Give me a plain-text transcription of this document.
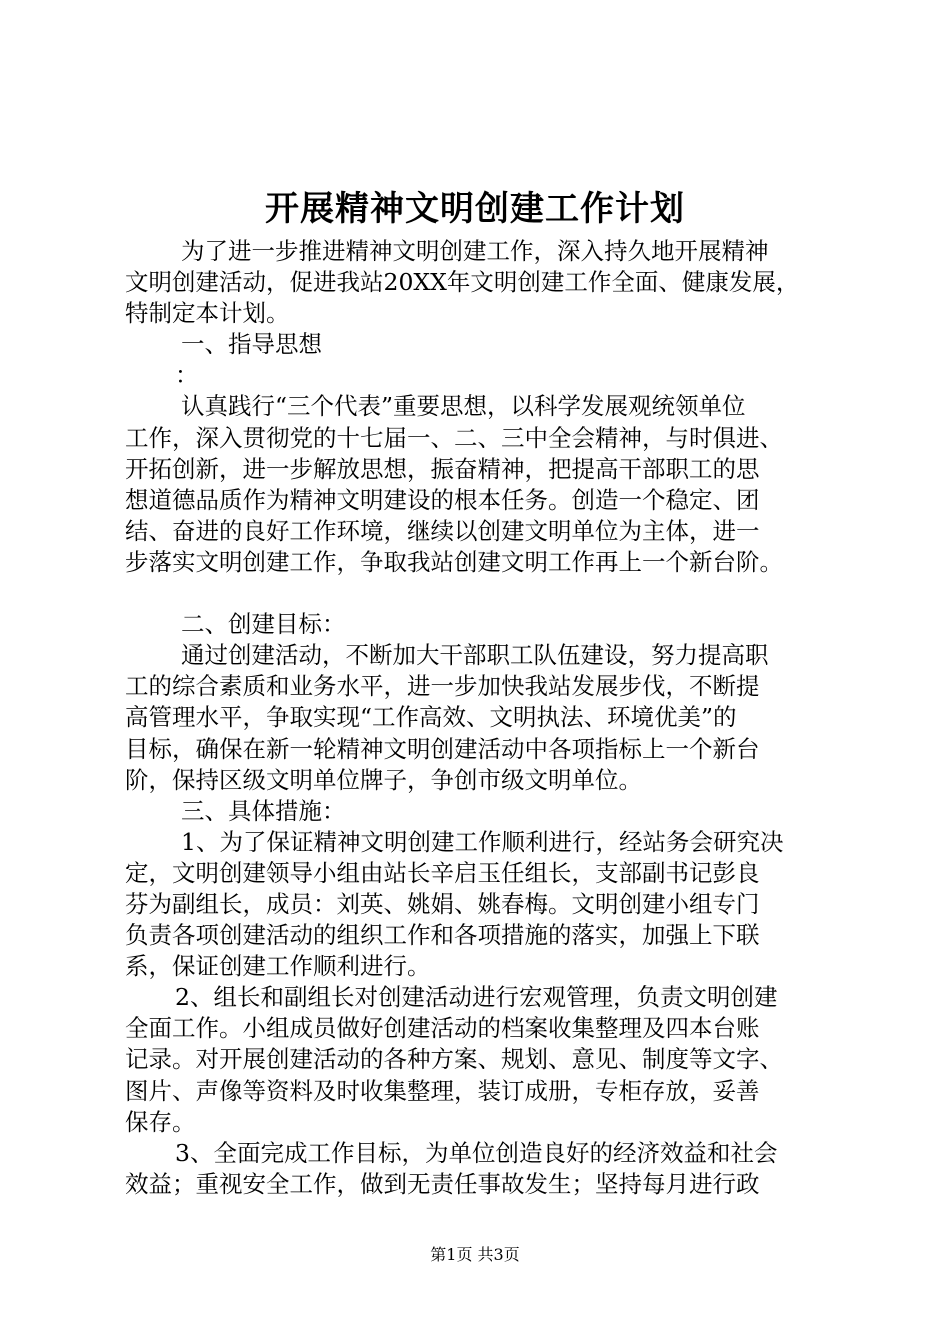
开展精神文明创建工作计划
为了进一步推进精神文明创建工作，深入持久地开展精神
文明创建活动，促进我站20XX年文明创建工作全面、健康发展，
特制定本计划。
一、指导思想
：
认真践行“三个代表”重要思想，以科学发展观统领单位
工作，深入贯彻党的十七届一、二、三中全会精神，与时俱进、
开拓创新，进一步解放思想，振奋精神，把提高干部职工的思
想道德品质作为精神文明建设的根本任务。创造一个稳定、团
结、奋进的良好工作环境，继续以创建文明单位为主体，进一
步落实文明创建工作，争取我站创建文明工作再上一个新台阶。
二、创建目标：
通过创建活动，不断加大干部职工队伍建设，努力提高职
工的综合素质和业务水平，进一步加快我站发展步伐，不断提
高管理水平，争取实现“工作高效、文明执法、环境优美”的
目标，确保在新一轮精神文明创建活动中各项指标上一个新台
阶，保持区级文明单位牌子，争创市级文明单位。
三、具体措施：
1、为了保证精神文明创建工作顺利进行，经站务会研究决
定，文明创建领导小组由站长辛启玉任组长，支部副书记彭良
芬为副组长，成员：刘英、姚娟、姚春梅。文明创建小组专门
负责各项创建活动的组织工作和各项措施的落实，加强上下联
系，保证创建工作顺利进行。
2、组长和副组长对创建活动进行宏观管理，负责文明创建
全面工作。小组成员做好创建活动的档案收集整理及四本台账
记录。对开展创建活动的各种方案、规划、意见、制度等文字、
图片、声像等资料及时收集整理，装订成册，专柜存放，妥善
保存。
3、全面完成工作目标，为单位创造良好的经济效益和社会
效益；重视安全工作，做到无责任事故发生；坚持每月进行政
第1页 共3页
